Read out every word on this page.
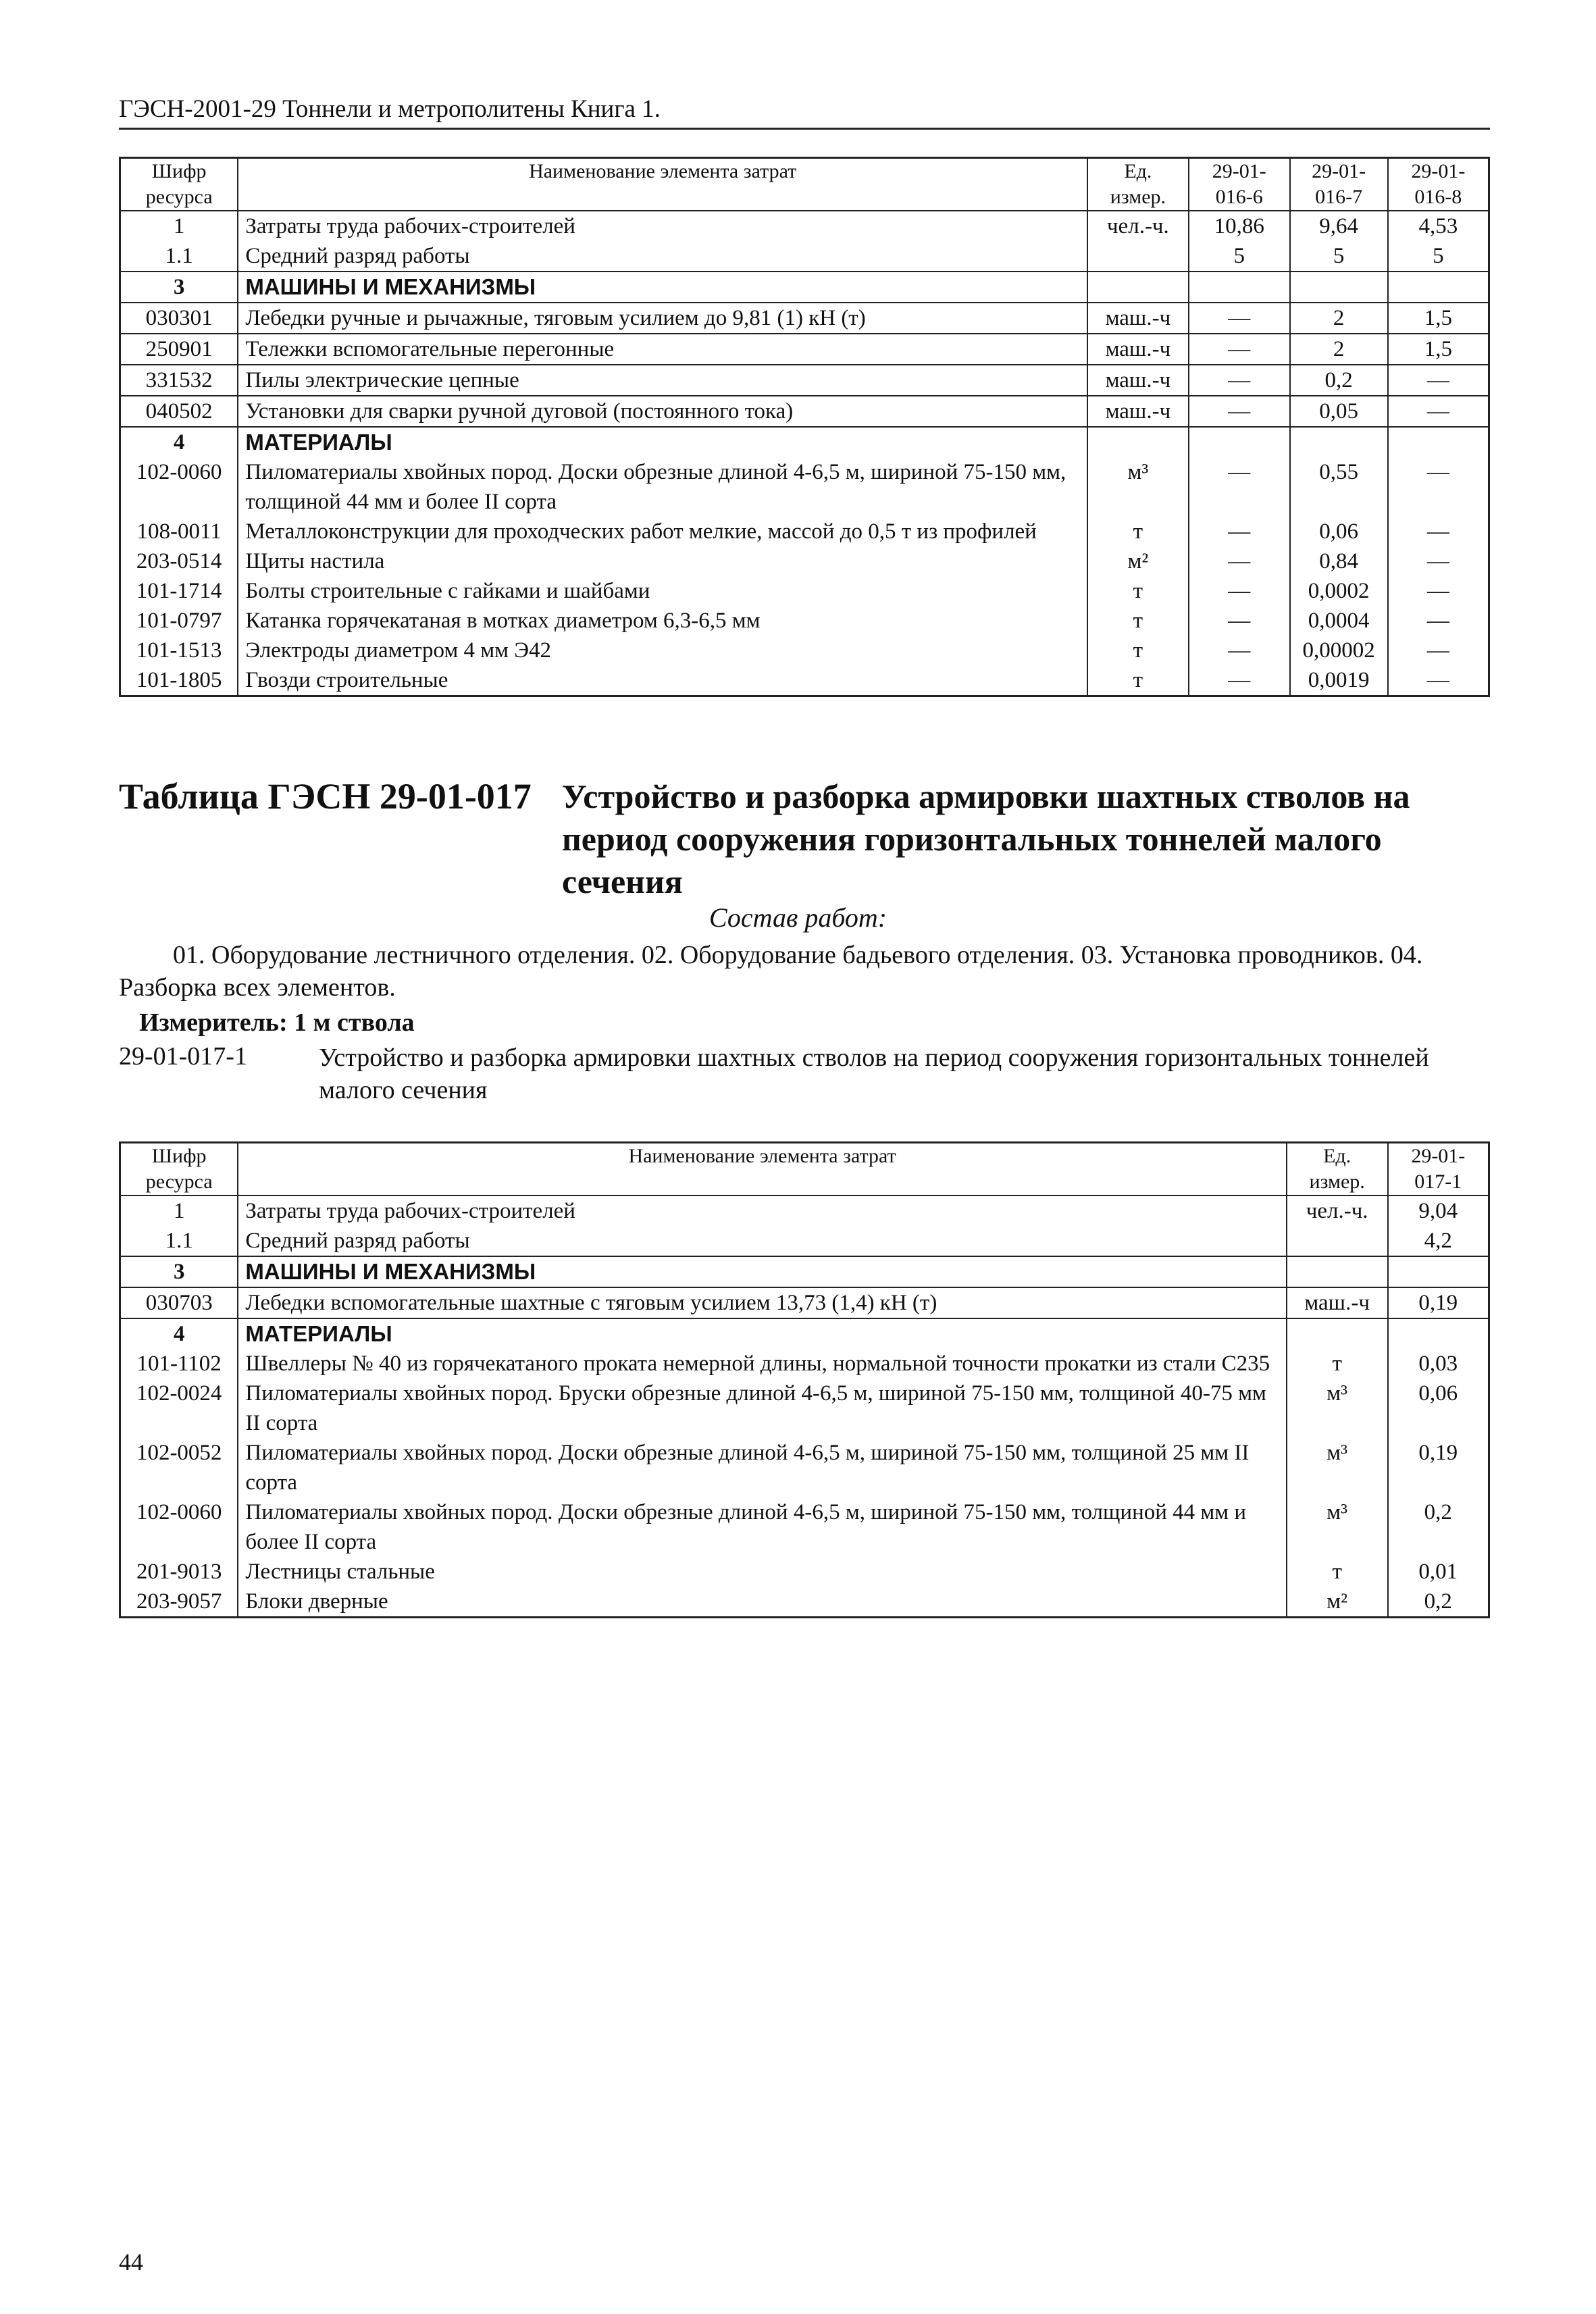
ГЭСН-2001-29 Тоннели и метрополитены Книга 1.
Шифр ресурса	Наименование элемента затрат	Ед. измер.	29-01-016-6	29-01-016-7	29-01-016-8
1	Затраты труда рабочих-строителей	чел.-ч.	10,86	9,64	4,53
1.1	Средний разряд работы		5	5	5
3	МАШИНЫ И МЕХАНИЗМЫ				
030301	Лебедки ручные и рычажные, тяговым усилием до 9,81 (1) кН (т)	маш.-ч	—	2	1,5
250901	Тележки вспомогательные перегонные	маш.-ч	—	2	1,5
331532	Пилы электрические цепные	маш.-ч	—	0,2	—
040502	Установки для сварки ручной дуговой (постоянного тока)	маш.-ч	—	0,05	—
4	МАТЕРИАЛЫ				
102-0060	Пиломатериалы хвойных пород. Доски обрезные длиной 4-6,5 м, шириной 75-150 мм, толщиной 44 мм и более II сорта	м³	—	0,55	—
108-0011	Металлоконструкции для проходческих работ мелкие, массой до 0,5 т из профилей	т	—	0,06	—
203-0514	Щиты настила	м²	—	0,84	—
101-1714	Болты строительные с гайками и шайбами	т	—	0,0002	—
101-0797	Катанка горячекатаная в мотках диаметром 6,3-6,5 мм	т	—	0,0004	—
101-1513	Электроды диаметром 4 мм Э42	т	—	0,00002	—
101-1805	Гвозди строительные	т	—	0,0019	—
Таблица ГЭСН 29-01-017 Устройство и разборка армировки шахтных стволов на период сооружения горизонтальных тоннелей малого сечения
Состав работ:
01. Оборудование лестничного отделения. 02. Оборудование бадьевого отделения. 03. Установка проводников. 04. Разборка всех элементов.
Измеритель: 1 м ствола
29-01-017-1	Устройство и разборка армировки шахтных стволов на период сооружения горизонтальных тоннелей малого сечения
Шифр ресурса	Наименование элемента затрат	Ед. измер.	29-01-017-1
1	Затраты труда рабочих-строителей	чел.-ч.	9,04
1.1	Средний разряд работы		4,2
3	МАШИНЫ И МЕХАНИЗМЫ		
030703	Лебедки вспомогательные шахтные с тяговым усилием 13,73 (1,4) кН (т)	маш.-ч	0,19
4	МАТЕРИАЛЫ		
101-1102	Швеллеры № 40 из горячекатаного проката немерной длины, нормальной точности прокатки из стали С235	т	0,03
102-0024	Пиломатериалы хвойных пород. Бруски обрезные длиной 4-6,5 м, шириной 75-150 мм, толщиной 40-75 мм II сорта	м³	0,06
102-0052	Пиломатериалы хвойных пород. Доски обрезные длиной 4-6,5 м, шириной 75-150 мм, толщиной 25 мм II сорта	м³	0,19
102-0060	Пиломатериалы хвойных пород. Доски обрезные длиной 4-6,5 м, шириной 75-150 мм, толщиной 44 мм и более II сорта	м³	0,2
201-9013	Лестницы стальные	т	0,01
203-9057	Блоки дверные	м²	0,2
44
